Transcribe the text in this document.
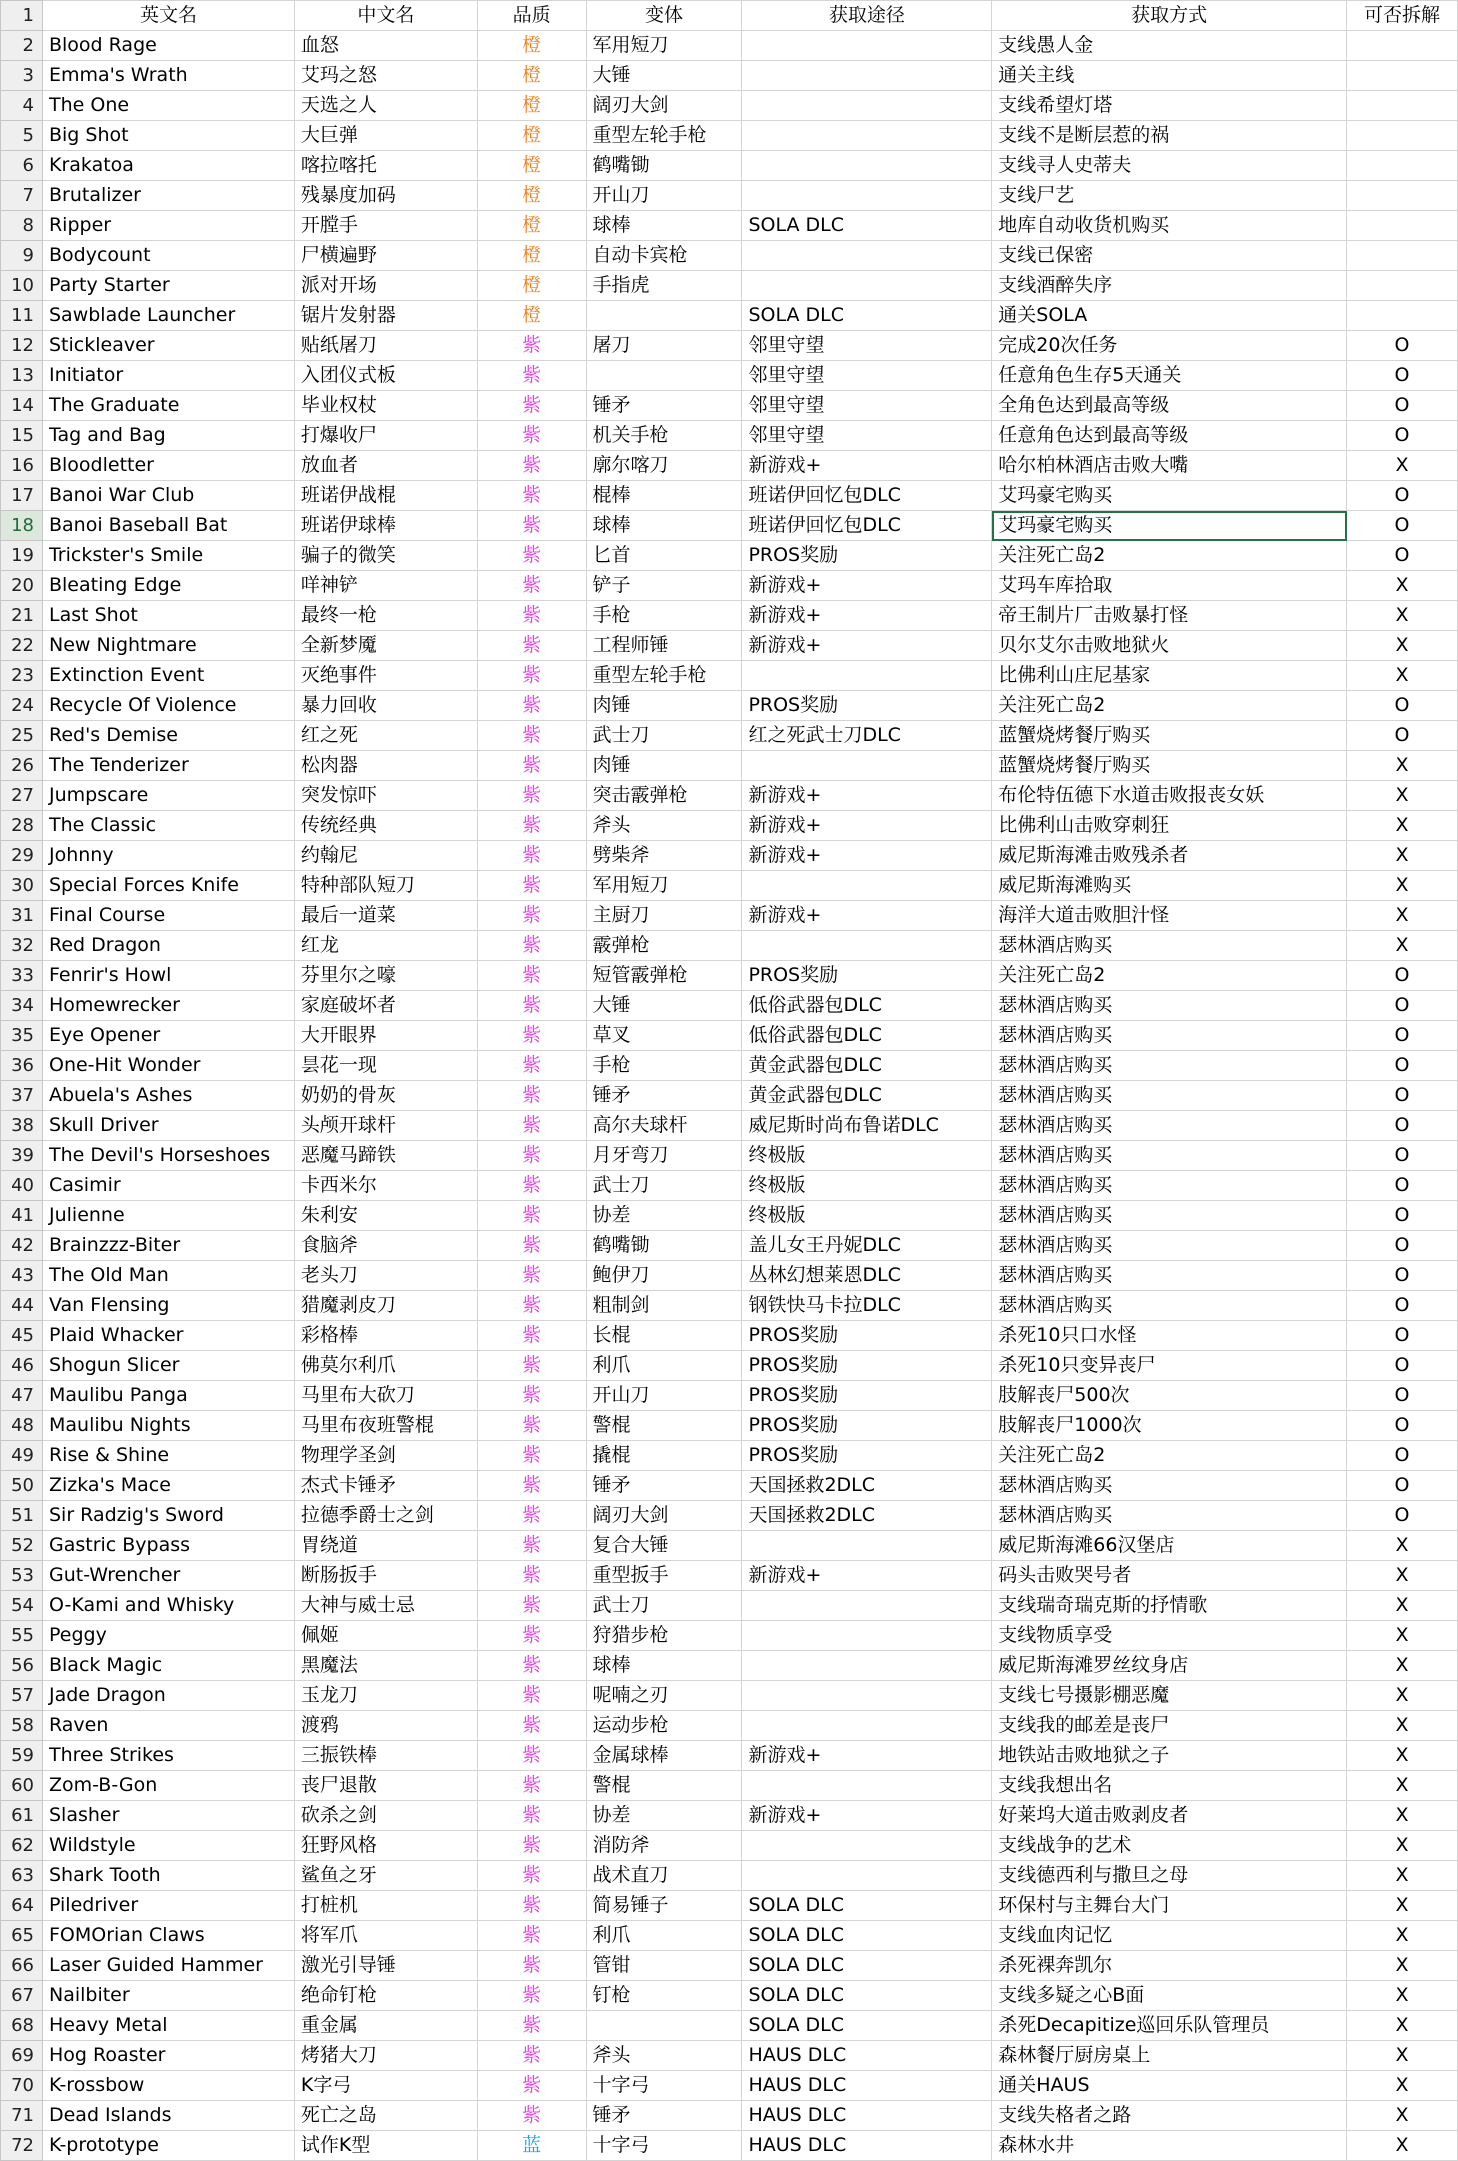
1	英文名	中文名	品质	变体	获取途径	获取方式	可否拆解
2	Blood Rage	血怒	橙	军用短刀		支线愚人金	
3	Emma's Wrath	艾玛之怒	橙	大锤		通关主线	
4	The One	天选之人	橙	阔刃大剑		支线希望灯塔	
5	Big Shot	大巨弹	橙	重型左轮手枪		支线不是断层惹的祸	
6	Krakatoa	喀拉喀托	橙	鹤嘴锄		支线寻人史蒂夫	
7	Brutalizer	残暴度加码	橙	开山刀		支线尸艺	
8	Ripper	开膛手	橙	球棒	SOLA DLC	地库自动收货机购买	
9	Bodycount	尸横遍野	橙	自动卡宾枪		支线已保密	
10	Party Starter	派对开场	橙	手指虎		支线酒醉失序	
11	Sawblade Launcher	锯片发射器	橙		SOLA DLC	通关SOLA	
12	Stickleaver	贴纸屠刀	紫	屠刀	邻里守望	完成20次任务	O
13	Initiator	入团仪式板	紫		邻里守望	任意角色生存5天通关	O
14	The Graduate	毕业权杖	紫	锤矛	邻里守望	全角色达到最高等级	O
15	Tag and Bag	打爆收尸	紫	机关手枪	邻里守望	任意角色达到最高等级	O
16	Bloodletter	放血者	紫	廓尔喀刀	新游戏+	哈尔柏林酒店击败大嘴	X
17	Banoi War Club	班诺伊战棍	紫	棍棒	班诺伊回忆包DLC	艾玛豪宅购买	O
18	Banoi Baseball Bat	班诺伊球棒	紫	球棒	班诺伊回忆包DLC	艾玛豪宅购买	O
19	Trickster's Smile	骗子的微笑	紫	匕首	PROS奖励	关注死亡岛2	O
20	Bleating Edge	咩神铲	紫	铲子	新游戏+	艾玛车库拾取	X
21	Last Shot	最终一枪	紫	手枪	新游戏+	帝王制片厂击败暴打怪	X
22	New Nightmare	全新梦魇	紫	工程师锤	新游戏+	贝尔艾尔击败地狱火	X
23	Extinction Event	灭绝事件	紫	重型左轮手枪		比佛利山庄尼基家	X
24	Recycle Of Violence	暴力回收	紫	肉锤	PROS奖励	关注死亡岛2	O
25	Red's Demise	红之死	紫	武士刀	红之死武士刀DLC	蓝蟹烧烤餐厅购买	O
26	The Tenderizer	松肉器	紫	肉锤		蓝蟹烧烤餐厅购买	X
27	Jumpscare	突发惊吓	紫	突击霰弹枪	新游戏+	布伦特伍德下水道击败报丧女妖	X
28	The Classic	传统经典	紫	斧头	新游戏+	比佛利山击败穿刺狂	X
29	Johnny	约翰尼	紫	劈柴斧	新游戏+	威尼斯海滩击败残杀者	X
30	Special Forces Knife	特种部队短刀	紫	军用短刀		威尼斯海滩购买	X
31	Final Course	最后一道菜	紫	主厨刀	新游戏+	海洋大道击败胆汁怪	X
32	Red Dragon	红龙	紫	霰弹枪		瑟林酒店购买	X
33	Fenrir's Howl	芬里尔之嚎	紫	短管霰弹枪	PROS奖励	关注死亡岛2	O
34	Homewrecker	家庭破坏者	紫	大锤	低俗武器包DLC	瑟林酒店购买	O
35	Eye Opener	大开眼界	紫	草叉	低俗武器包DLC	瑟林酒店购买	O
36	One-Hit Wonder	昙花一现	紫	手枪	黄金武器包DLC	瑟林酒店购买	O
37	Abuela's Ashes	奶奶的骨灰	紫	锤矛	黄金武器包DLC	瑟林酒店购买	O
38	Skull Driver	头颅开球杆	紫	高尔夫球杆	威尼斯时尚布鲁诺DLC	瑟林酒店购买	O
39	The Devil's Horseshoes	恶魔马蹄铁	紫	月牙弯刀	终极版	瑟林酒店购买	O
40	Casimir	卡西米尔	紫	武士刀	终极版	瑟林酒店购买	O
41	Julienne	朱利安	紫	协差	终极版	瑟林酒店购买	O
42	Brainzzz-Biter	食脑斧	紫	鹤嘴锄	盖儿女王丹妮DLC	瑟林酒店购买	O
43	The Old Man	老头刀	紫	鲍伊刀	丛林幻想莱恩DLC	瑟林酒店购买	O
44	Van Flensing	猎魔剥皮刀	紫	粗制剑	钢铁快马卡拉DLC	瑟林酒店购买	O
45	Plaid Whacker	彩格棒	紫	长棍	PROS奖励	杀死10只口水怪	O
46	Shogun Slicer	佛莫尔利爪	紫	利爪	PROS奖励	杀死10只变异丧尸	O
47	Maulibu Panga	马里布大砍刀	紫	开山刀	PROS奖励	肢解丧尸500次	O
48	Maulibu Nights	马里布夜班警棍	紫	警棍	PROS奖励	肢解丧尸1000次	O
49	Rise & Shine	物理学圣剑	紫	撬棍	PROS奖励	关注死亡岛2	O
50	Zizka's Mace	杰式卡锤矛	紫	锤矛	天国拯救2DLC	瑟林酒店购买	O
51	Sir Radzig's Sword	拉德季爵士之剑	紫	阔刃大剑	天国拯救2DLC	瑟林酒店购买	O
52	Gastric Bypass	胃绕道	紫	复合大锤		威尼斯海滩66汉堡店	X
53	Gut-Wrencher	断肠扳手	紫	重型扳手	新游戏+	码头击败哭号者	X
54	O-Kami and Whisky	大神与威士忌	紫	武士刀		支线瑞奇瑞克斯的抒情歌	X
55	Peggy	佩姬	紫	狩猎步枪		支线物质享受	X
56	Black Magic	黑魔法	紫	球棒		威尼斯海滩罗丝纹身店	X
57	Jade Dragon	玉龙刀	紫	呢喃之刃		支线七号摄影棚恶魔	X
58	Raven	渡鸦	紫	运动步枪		支线我的邮差是丧尸	X
59	Three Strikes	三振铁棒	紫	金属球棒	新游戏+	地铁站击败地狱之子	X
60	Zom-B-Gon	丧尸退散	紫	警棍		支线我想出名	X
61	Slasher	砍杀之剑	紫	协差	新游戏+	好莱坞大道击败剥皮者	X
62	Wildstyle	狂野风格	紫	消防斧		支线战争的艺术	X
63	Shark Tooth	鲨鱼之牙	紫	战术直刀		支线德西利与撒旦之母	X
64	Piledriver	打桩机	紫	简易锤子	SOLA DLC	环保村与主舞台大门	X
65	FOMOrian Claws	将军爪	紫	利爪	SOLA DLC	支线血肉记忆	X
66	Laser Guided Hammer	激光引导锤	紫	管钳	SOLA DLC	杀死裸奔凯尔	X
67	Nailbiter	绝命钉枪	紫	钉枪	SOLA DLC	支线多疑之心B面	X
68	Heavy Metal	重金属	紫		SOLA DLC	杀死Decapitize巡回乐队管理员	X
69	Hog Roaster	烤猪大刀	紫	斧头	HAUS DLC	森林餐厅厨房桌上	X
70	K-rossbow	K字弓	紫	十字弓	HAUS DLC	通关HAUS	X
71	Dead Islands	死亡之岛	紫	锤矛	HAUS DLC	支线失格者之路	X
72	K-prototype	试作K型	蓝	十字弓	HAUS DLC	森林水井	X
